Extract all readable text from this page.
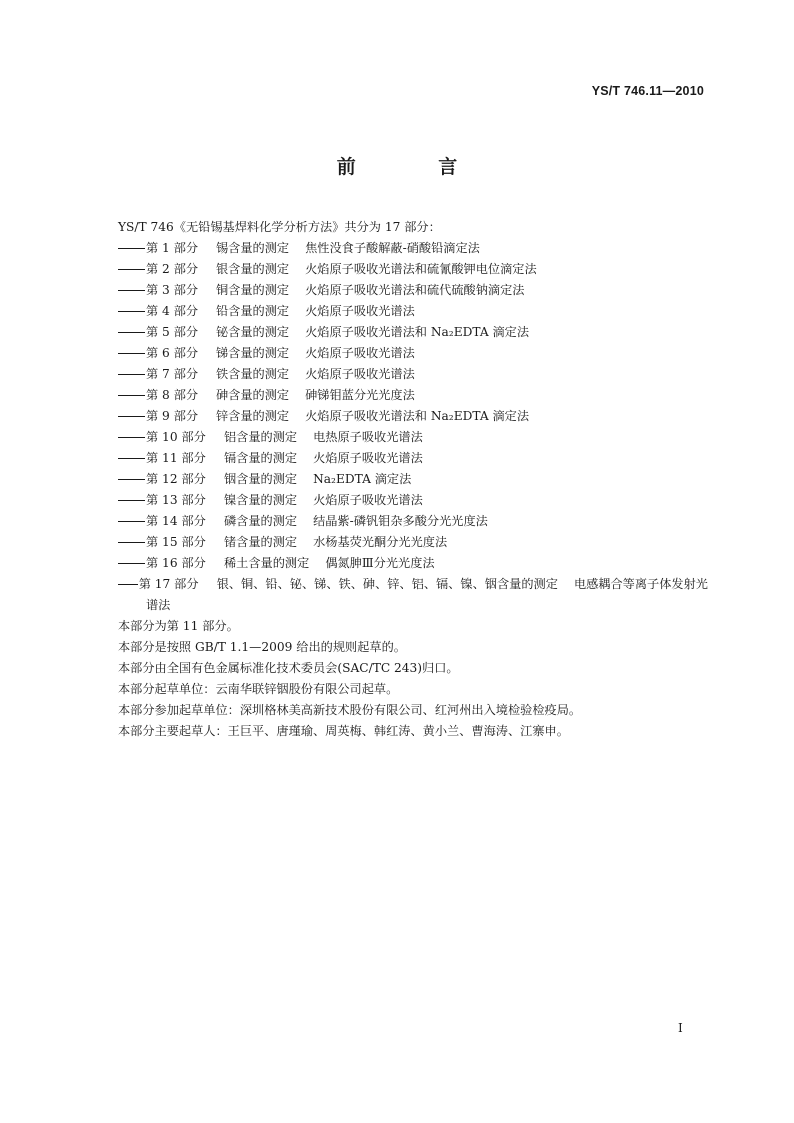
YS/T 746.11—2010
前 言
YS/T 746《无铅锡基焊料化学分析方法》共分为 17 部分：
第 1 部分	锡含量的测定 焦性没食子酸解蔽-硝酸铅滴定法
第 2 部分	银含量的测定 火焰原子吸收光谱法和硫氰酸钾电位滴定法
第 3 部分	铜含量的测定 火焰原子吸收光谱法和硫代硫酸钠滴定法
第 4 部分	铅含量的测定 火焰原子吸收光谱法
第 5 部分	铋含量的测定 火焰原子吸收光谱法和 Na₂EDTA 滴定法
第 6 部分	锑含量的测定 火焰原子吸收光谱法
第 7 部分	铁含量的测定 火焰原子吸收光谱法
第 8 部分	砷含量的测定 砷锑钼蓝分光光度法
第 9 部分	锌含量的测定 火焰原子吸收光谱法和 Na₂EDTA 滴定法
第 10 部分	铝含量的测定 电热原子吸收光谱法
第 11 部分	镉含量的测定 火焰原子吸收光谱法
第 12 部分	铟含量的测定 Na₂EDTA 滴定法
第 13 部分	镍含量的测定 火焰原子吸收光谱法
第 14 部分	磷含量的测定 结晶紫-磷钒钼杂多酸分光光度法
第 15 部分	锗含量的测定 水杨基荧光酮分光光度法
第 16 部分	稀土含量的测定 偶氮胂Ⅲ分光光度法
第 17 部分	银、铜、铅、铋、锑、铁、砷、锌、铝、镉、镍、铟含量的测定 电感耦合等离子体发射光
谱法
本部分为第 11 部分。
本部分是按照 GB/T 1.1—2009 给出的规则起草的。
本部分由全国有色金属标准化技术委员会(SAC/TC 243)归口。
本部分起草单位：云南华联锌铟股份有限公司起草。
本部分参加起草单位：深圳格林美高新技术股份有限公司、红河州出入境检验检疫局。
本部分主要起草人：王巨平、唐瑾瑜、周英梅、韩红涛、黄小兰、曹海涛、江寨申。
I
